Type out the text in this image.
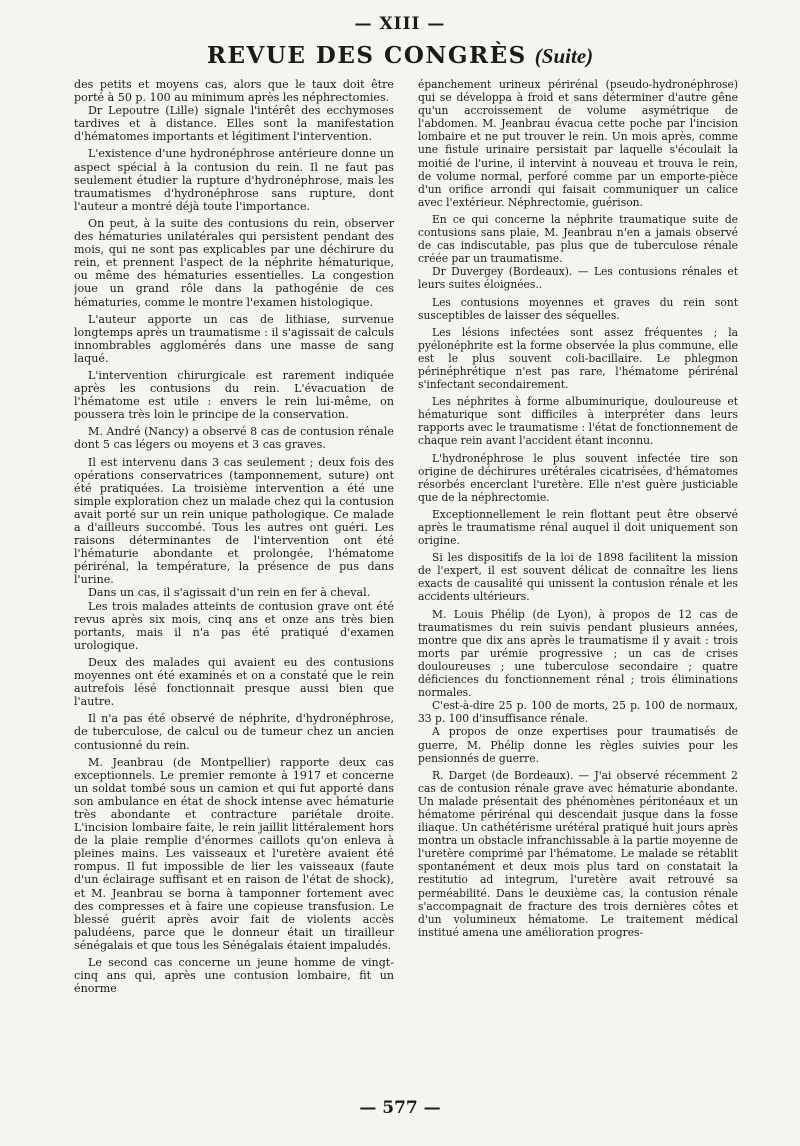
— XIII —
REVUE DES CONGRÈS (Suite)

des petits et moyens cas, alors que le taux doit être porté à 50 p. 100 au minimum après les néphrectomies.

Dr Lepoutre (Lille) signale l'intérêt des ecchymoses tardives et à distance. Elles sont la manifestation d'hématomes importants et légitiment l'intervention.

L'existence d'une hydronéphrose antérieure donne un aspect spécial à la contusion du rein. Il ne faut pas seulement étudier la rupture d'hydronéphrose, mais les traumatismes d'hydronéphrose sans rupture, dont l'auteur a montré déjà toute l'importance.

On peut, à la suite des contusions du rein, observer des hématuries unilatérales qui persistent pendant des mois, qui ne sont pas explicables par une déchirure du rein, et prennent l'aspect de la néphrite hématurique, ou même des hématuries essentielles. La congestion joue un grand rôle dans la pathogénie de ces hématuries, comme le montre l'examen histologique.

L'auteur apporte un cas de lithiase, survenue longtemps après un traumatisme : il s'agissait de calculs innombrables agglomérés dans une masse de sang laqué.

L'intervention chirurgicale est rarement indiquée après les contusions du rein. L'évacuation de l'hématome est utile : envers le rein lui-même, on poussera très loin le principe de la conservation.

M. André (Nancy) a observé 8 cas de contusion rénale dont 5 cas légers ou moyens et 3 cas graves.

Il est intervenu dans 3 cas seulement ; deux fois des opérations conservatrices (tamponnement, suture) ont été pratiquées. La troisième intervention a été une simple exploration chez un malade chez qui la contusion avait porté sur un rein unique pathologique. Ce malade a d'ailleurs succombé. Tous les autres ont guéri. Les raisons déterminantes de l'intervention ont été l'hématurie abondante et prolongée, l'hématome périrénal, la température, la présence de pus dans l'urine.

Dans un cas, il s'agissait d'un rein en fer à cheval.

Les trois malades atteints de contusion grave ont été revus après six mois, cinq ans et onze ans très bien portants, mais il n'a pas été pratiqué d'examen urologique.

Deux des malades qui avaient eu des contusions moyennes ont été examinés et on a constaté que le rein autrefois lésé fonctionnait presque aussi bien que l'autre.

Il n'a pas été observé de néphrite, d'hydronéphrose, de tuberculose, de calcul ou de tumeur chez un ancien contusionné du rein.

M. Jeanbrau (de Montpellier) rapporte deux cas exceptionnels. Le premier remonte à 1917 et concerne un soldat tombé sous un camion et qui fut apporté dans son ambulance en état de shock intense avec hématurie très abondante et contracture pariétale droite. L'incision lombaire faite, le rein jaillit littéralement hors de la plaie remplie d'énormes caillots qu'on enleva à pleines mains. Les vaisseaux et l'uretère avaient été rompus. Il fut impossible de lier les vaisseaux (faute d'un éclairage suffisant et en raison de l'état de shock), et M. Jeanbrau se borna à tamponner fortement avec des compresses et à faire une copieuse transfusion. Le blessé guérit après avoir fait de violents accès paludéens, parce que le donneur était un tirailleur sénégalais et que tous les Sénégalais étaient impaludés.

Le second cas concerne un jeune homme de vingt-cinq ans qui, après une contusion lombaire, fit un énorme

épanchement urineux périrénal (pseudo-hydronéphrose) qui se développa à froid et sans déterminer d'autre gêne qu'un accroissement de volume asymétrique de l'abdomen. M. Jeanbrau évacua cette poche par l'incision lombaire et ne put trouver le rein. Un mois après, comme une fistule urinaire persistait par laquelle s'écoulait la moitié de l'urine, il intervint à nouveau et trouva le rein, de volume normal, perforé comme par un emporte-pièce d'un orifice arrondi qui faisait communiquer un calice avec l'extérieur. Néphrectomie, guérison.

En ce qui concerne la néphrite traumatique suite de contusions sans plaie, M. Jeanbrau n'en a jamais observé de cas indiscutable, pas plus que de tuberculose rénale créée par un traumatisme.

Dr Duvergey (Bordeaux). — Les contusions rénales et leurs suites éloignées..

Les contusions moyennes et graves du rein sont susceptibles de laisser des séquelles.

Les lésions infectées sont assez fréquentes ; la pyélonéphrite est la forme observée la plus commune, elle est le plus souvent coli-bacillaire. Le phlegmon périnéphrétique n'est pas rare, l'hématome périrénal s'infectant secondairement.

Les néphrites à forme albuminurique, douloureuse et hématurique sont difficiles à interpréter dans leurs rapports avec le traumatisme : l'état de fonctionnement de chaque rein avant l'accident étant inconnu.

L'hydronéphrose le plus souvent infectée tire son origine de déchirures urétérales cicatrisées, d'hématomes résorbés encerclant l'uretère. Elle n'est guère justiciable que de la néphrectomie.

Exceptionnellement le rein flottant peut être observé après le traumatisme rénal auquel il doit uniquement son origine.

Si les dispositifs de la loi de 1898 facilitent la mission de l'expert, il est souvent délicat de connaître les liens exacts de causalité qui unissent la contusion rénale et les accidents ultérieurs.

M. Louis Phélip (de Lyon), à propos de 12 cas de traumatismes du rein suivis pendant plusieurs années, montre que dix ans après le traumatisme il y avait : trois morts par urémie progressive ; un cas de crises douloureuses ; une tuberculose secondaire ; quatre déficiences du fonctionnement rénal ; trois éliminations normales.

C'est-à-dire 25 p. 100 de morts, 25 p. 100 de normaux, 33 p. 100 d'insuffisance rénale.

A propos de onze expertises pour traumatisés de guerre, M. Phélip donne les règles suivies pour les pensionnés de guerre.

R. Darget (de Bordeaux). — J'ai observé récemment 2 cas de contusion rénale grave avec hématurie abondante. Un malade présentait des phénomènes péritonéaux et un hématome périrénal qui descendait jusque dans la fosse iliaque. Un cathétérisme urétéral pratiqué huit jours après montra un obstacle infranchissable à la partie moyenne de l'uretère comprimé par l'hématome. Le malade se rétablit spontanément et deux mois plus tard on constatait la restitutio ad integrum, l'uretère avait retrouvé sa perméabilité. Dans le deuxième cas, la contusion rénale s'accompagnait de fracture des trois dernières côtes et d'un volumineux hématome. Le traitement médical institué amena une amélioration progres-

— 577 —
